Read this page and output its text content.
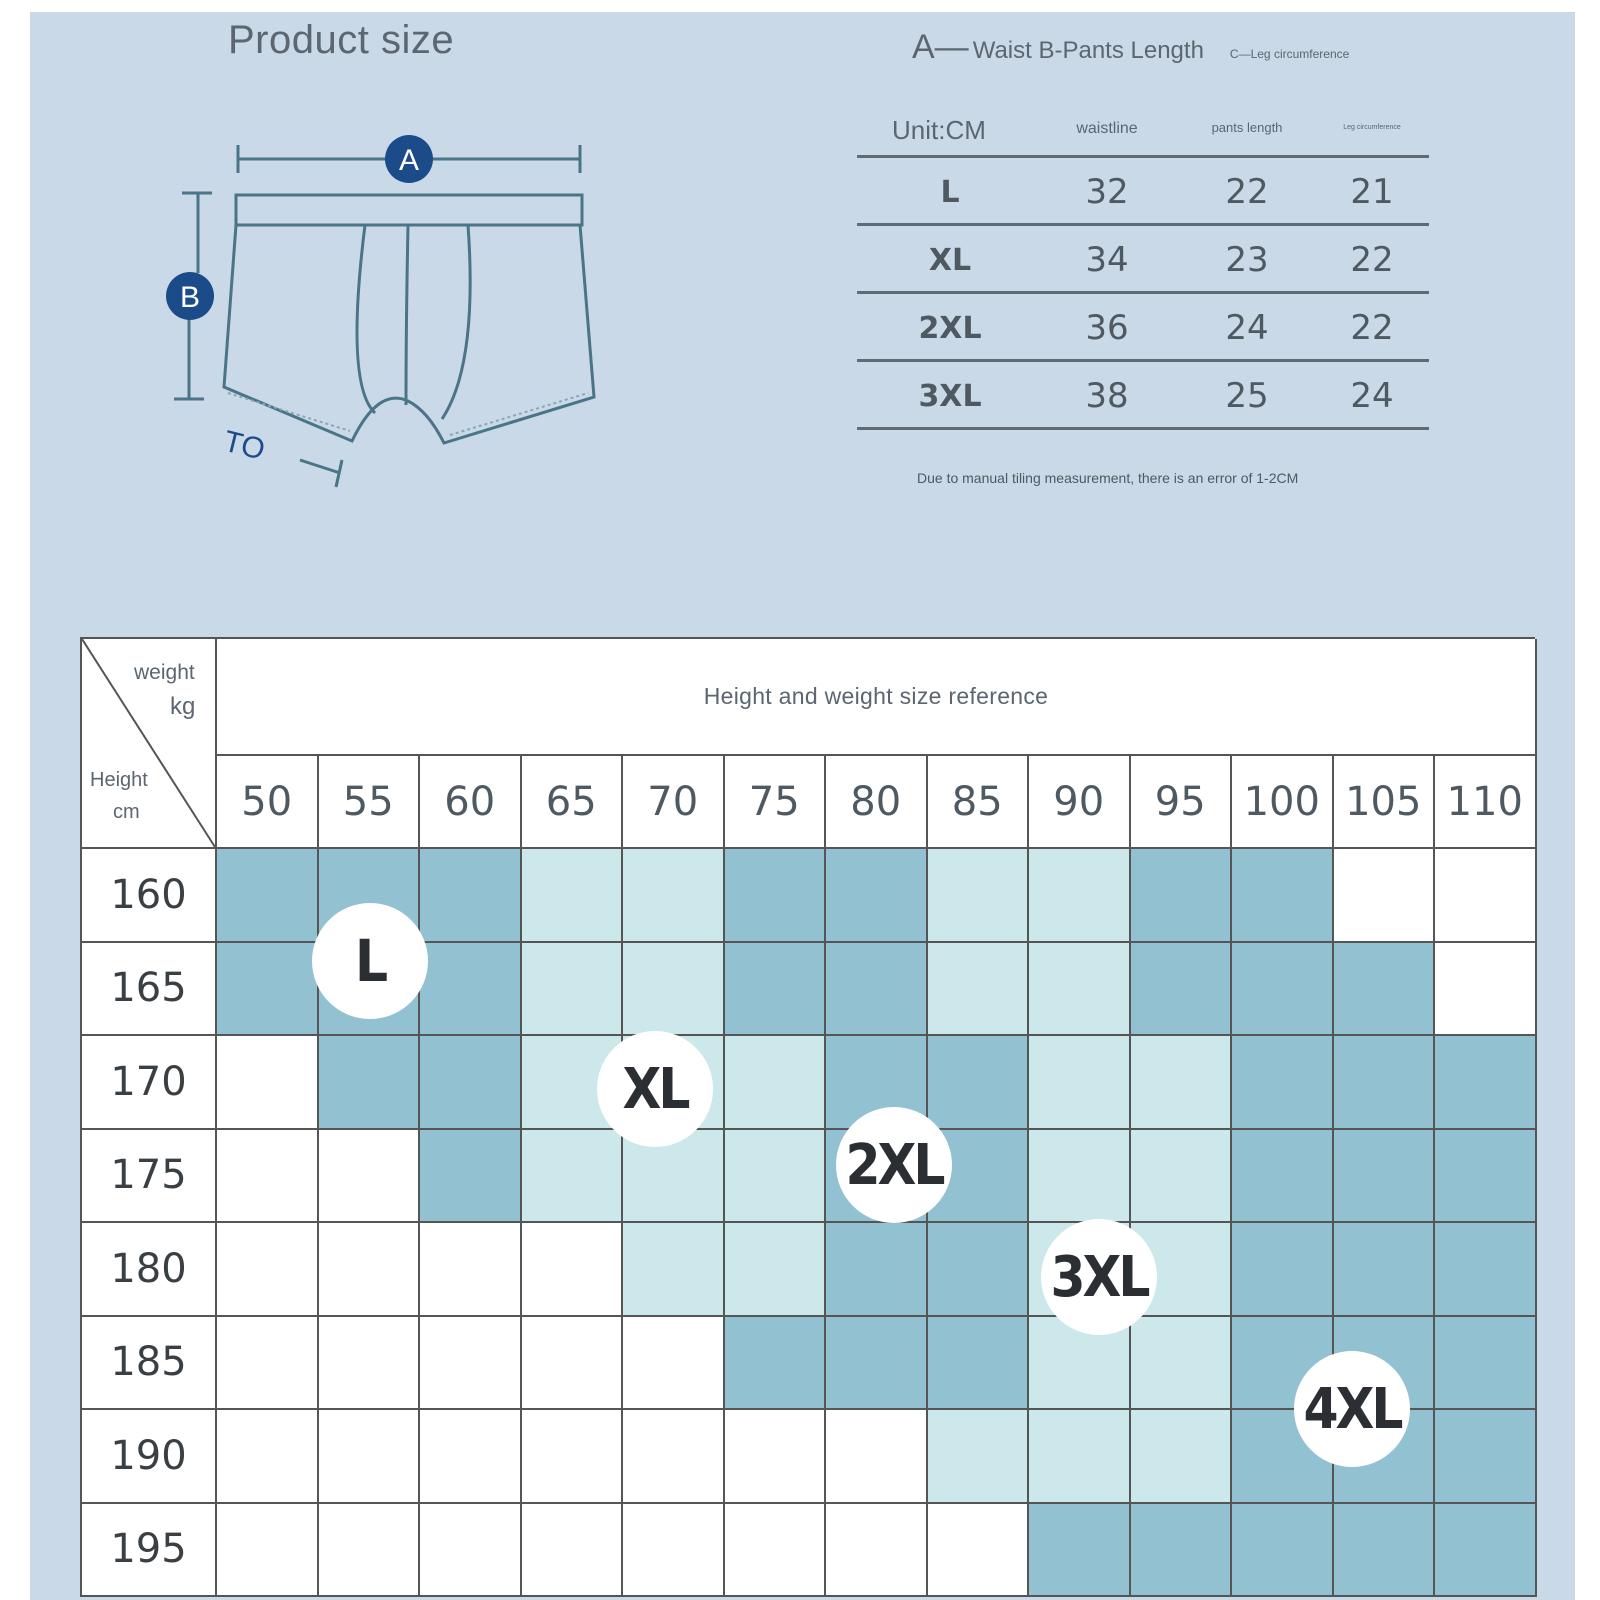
Product size
A
B
TO
A— Waist B-Pants Length C—Leg circumference
Unit:CM	waistline	pants length	Leg circumference
L	32	22 21
XL	34	23 22
2XL	36	24 22
3XL	38	25 24
Due to manual tiling measurement, there is an error of 1-2CM
weight
kg
Height
cm
Height and weight size reference
50	55	60	65	70	75	80	85	90	95 100 105 110
160
165
170
175
180
185
190
195
L
XL
2XL
3XL
4XL
